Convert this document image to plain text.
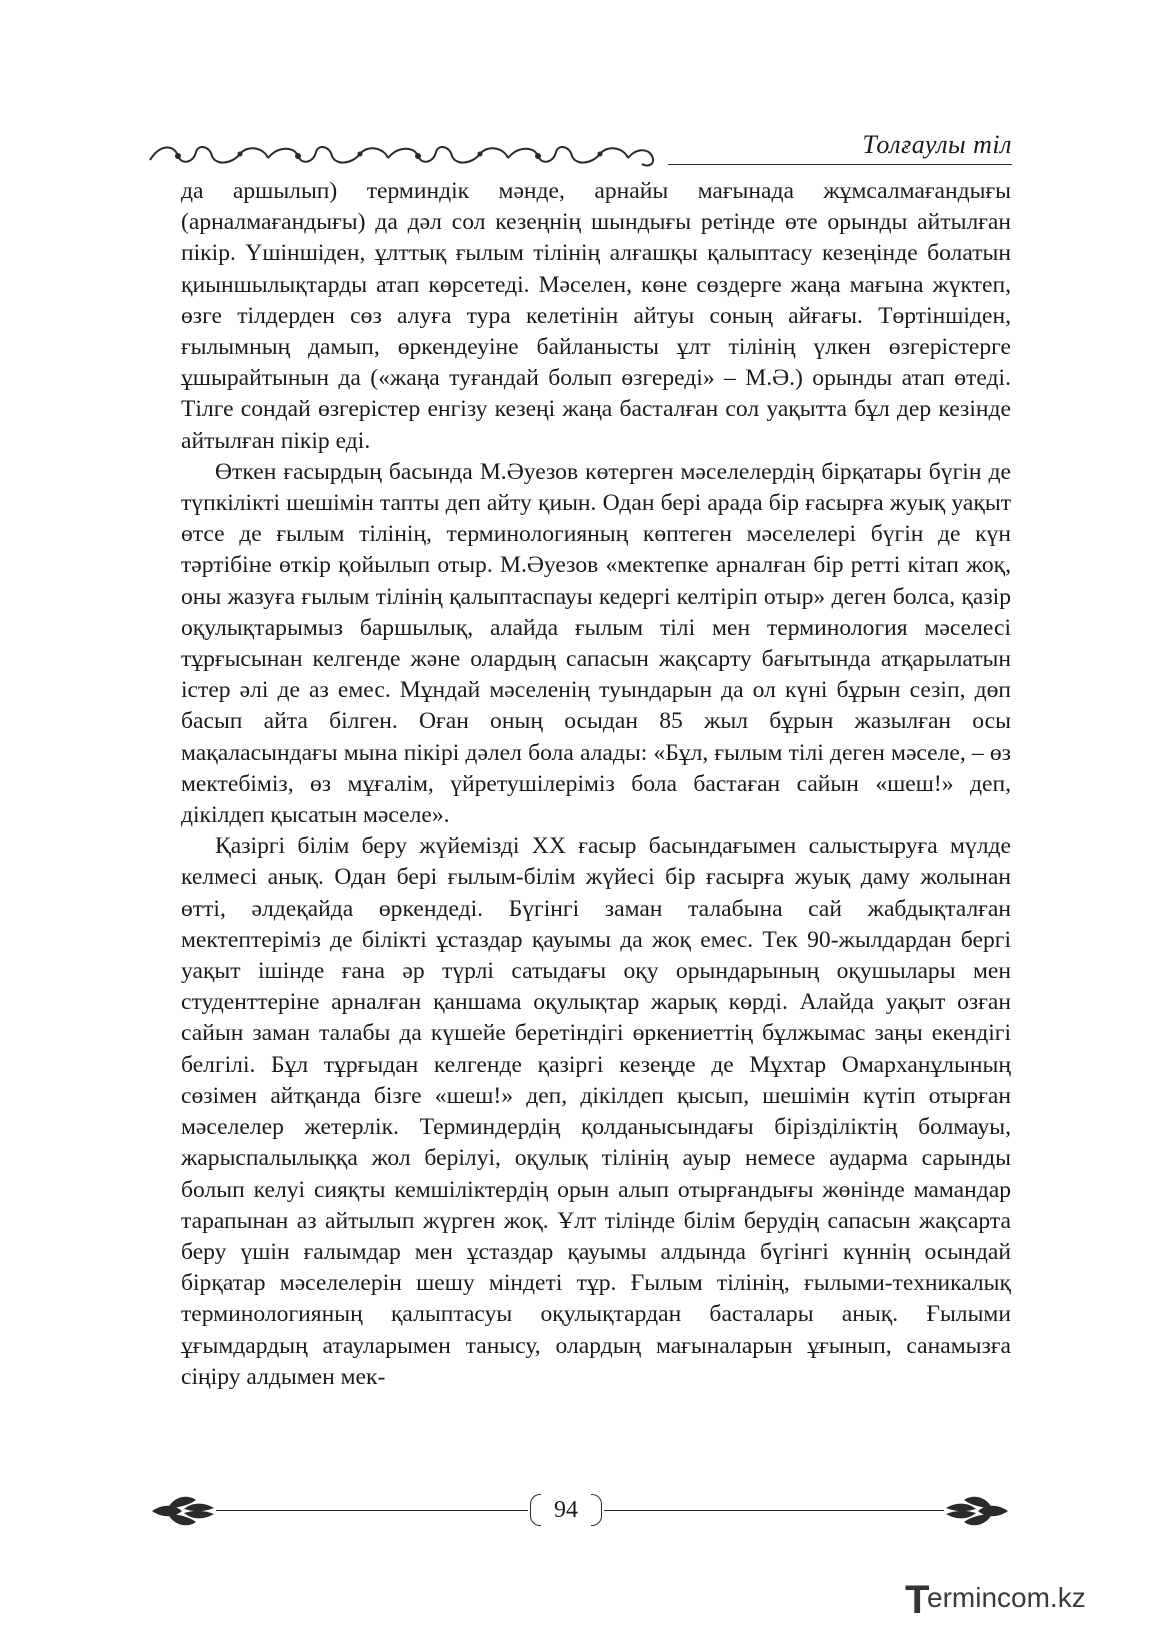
Толғаулы тіл

да аршылып) терминдік мәнде, арнайы мағынада жұмсалмағандығы (арналмағандығы) да дәл сол кезеңнің шындығы ретінде өте орынды айтылған пікір. Үшіншіден, ұлттық ғылым тілінің алғашқы қалыптасу кезеңінде болатын қиыншылықтарды атап көрсетеді. Мәселен, көне сөздерге жаңа мағына жүктеп, өзге тілдерден сөз алуға тура келетінін айтуы соның айғағы. Төртіншіден, ғылымның дамып, өркендеуіне байланысты ұлт тілінің үлкен өзгерістерге ұшырайтынын да («жаңа туғандай болып өзгереді» – М.Ә.) орынды атап өтеді. Тілге сондай өзгерістер енгізу кезеңі жаңа басталған сол уақытта бұл дер кезінде айтылған пікір еді.

Өткен ғасырдың басында М.Әуезов көтерген мәселелердің бірқатары бүгін де түпкілікті шешімін тапты деп айту қиын. Одан бері арада бір ғасырға жуық уақыт өтсе де ғылым тілінің, терминологияның көптеген мәселелері бүгін де күн тәртібіне өткір қойылып отыр. М.Әуезов «мектепке арналған бір ретті кітап жоқ, оны жазуға ғылым тілінің қалыптаспауы кедергі келтіріп отыр» деген болса, қазір оқулықтарымыз баршылық, алайда ғылым тілі мен терминология мәселесі тұрғысынан келгенде және олардың сапасын жақсарту бағытында атқарылатын істер әлі де аз емес. Мұндай мәселенің туындарын да ол күні бұрын сезіп, дөп басып айта білген. Оған оның осыдан 85 жыл бұрын жазылған осы мақаласындағы мына пікірі дәлел бола алады: «Бұл, ғылым тілі деген мәселе, – өз мектебіміз, өз мұғалім, үйретушілеріміз бола бастаған сайын «шеш!» деп, дікілдеп қысатын мәселе».

Қазіргі білім беру жүйемізді XX ғасыр басындағымен салыстыруға мүлде келмесі анық. Одан бері ғылым-білім жүйесі бір ғасырға жуық даму жолынан өтті, әлдеқайда өркендеді. Бүгінгі заман талабына сай жабдықталған мектептеріміз де білікті ұстаздар қауымы да жоқ емес. Тек 90-жылдардан бергі уақыт ішінде ғана әр түрлі сатыдағы оқу орындарының оқушылары мен студенттеріне арналған қаншама оқулықтар жарық көрді. Алайда уақыт озған сайын заман талабы да күшейе беретіндігі өркениеттің бұлжымас заңы екендігі белгілі. Бұл тұрғыдан келгенде қазіргі кезеңде де Мұхтар Омарханұлының сөзімен айтқанда бізге «шеш!» деп, дікілдеп қысып, шешімін күтіп отырған мәселелер жетерлік. Терминдердің қолданысындағы бірізділіктің болмауы, жарыспалылыққа жол берілуі, оқулық тілінің ауыр немесе аударма сарынды болып келуі сияқты кемшіліктердің орын алып отырғандығы жөнінде мамандар тарапынан аз айтылып жүрген жоқ. Ұлт тілінде білім берудің сапасын жақсарта беру үшін ғалымдар мен ұстаздар қауымы алдында бүгінгі күннің осындай бірқатар мәселелерін шешу міндеті тұр. Ғылым тілінің, ғылыми-техникалық терминологияның қалыптасуы оқулықтардан басталары анық. Ғылыми ұғымдардың атауларымен танысу, олардың мағыналарын ұғынып, санамызға сіңіру алдымен мек-

94
T
ermincom.kz
